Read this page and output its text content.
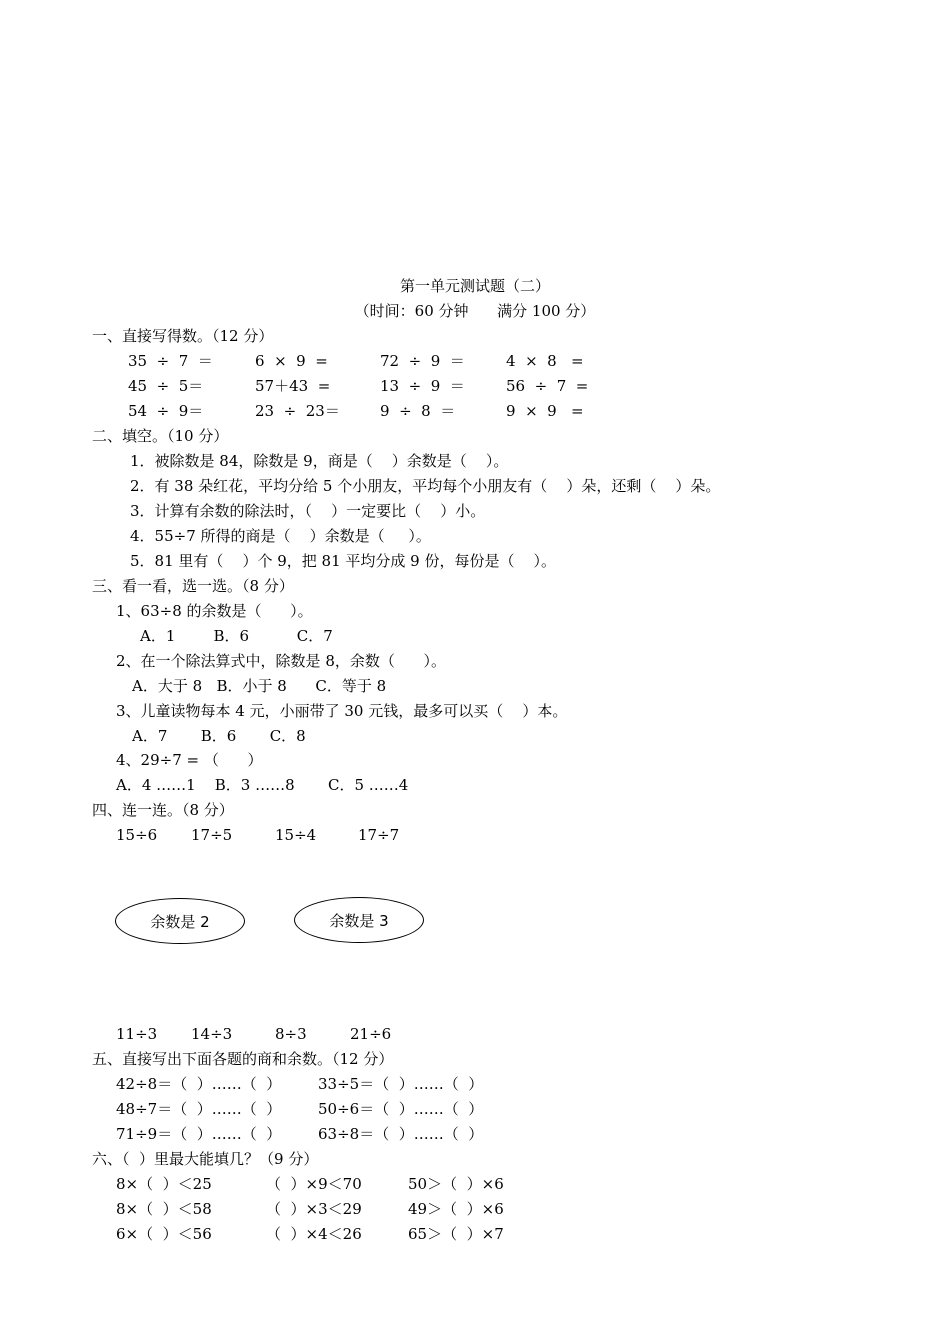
第一单元测试题（二）
（时间：60 分钟      满分 100 分）
一、直接写得数。（12 分）
35  ÷  7  ＝	6  ×  9  =	72  ÷  9  ＝	4  ×  8   =
45  ÷  5＝	57＋43  =	13  ÷  9  ＝	56  ÷  7  =
54  ÷  9＝	23  ÷  23＝	9  ÷  8  ＝	9  ×  9   =
二、填空。（10 分）
1．被除数是 84，除数是 9，商是（    ）余数是（    ）。
2．有 38 朵红花，平均分给 5 个小朋友，平均每个小朋友有（    ）朵，还剩（    ）朵。
3．计算有余数的除法时，（    ）一定要比（    ）小。
4．55÷7 所得的商是（    ）余数是（     ）。
5．81 里有（    ）个 9，把 81 平均分成 9 份，每份是（    ）。
三、看一看，选一选。（8 分）
1、63÷8 的余数是（      ）。
A．1        B．6          C．7
2、在一个除法算式中，除数是 8，余数（      ）。
A．大于 8   B．小于 8      C．等于 8
3、儿童读物每本 4 元，小丽带了 30 元钱，最多可以买（    ）本。
A．7       B．6       C．8
4、29÷7 = （      ）
A．4 ……1    B．3 ……8       C．5 ……4
四、连一连。（8 分）
15÷6 17÷5	15÷4	17÷7
余数是 2	余数是 3
11÷3 14÷3	8÷3	21÷6
五、直接写出下面各题的商和余数。（12 分）
42÷8＝（  ）……（  ） 33÷5＝（  ）……（  ）
48÷7＝（  ）……（  ） 50÷6＝（  ）……（  ）
71÷9＝（  ）……（  ） 63÷8＝（  ）……（  ）
六、（  ）里最大能填几？（9 分）
8×（  ）＜25	（  ）×9＜70	50＞（  ）×6
8×（  ）＜58	（  ）×3＜29	49＞（  ）×6
6×（  ）＜56	（  ）×4＜26	65＞（  ）×7
